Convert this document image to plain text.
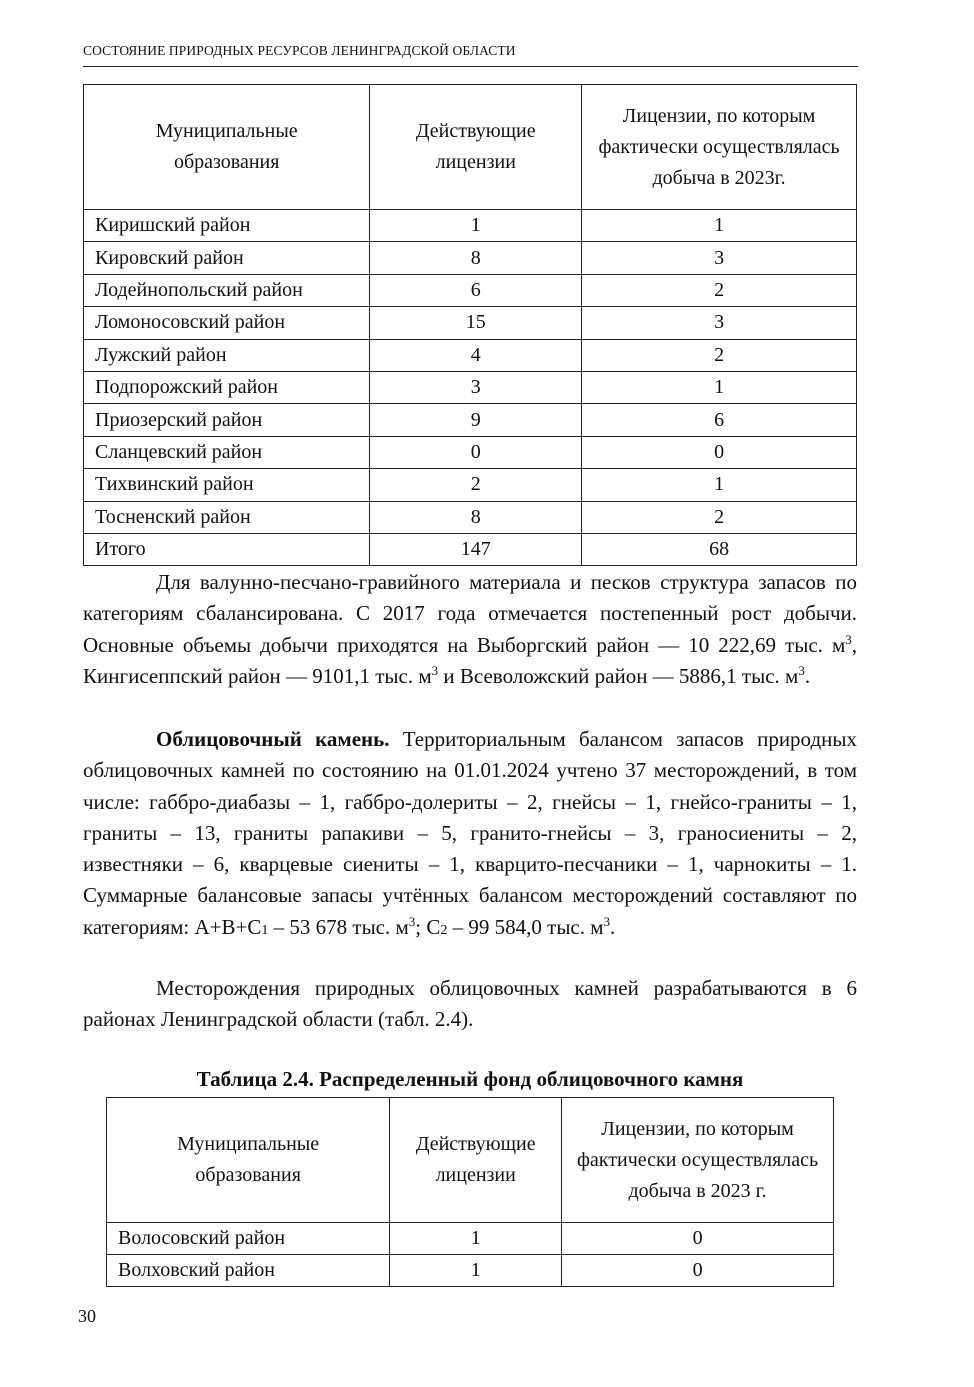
СОСТОЯНИЕ ПРИРОДНЫХ РЕСУРСОВ ЛЕНИНГРАДСКОЙ ОБЛАСТИ
Муниципальные образования	Действующие лицензии	Лицензии, по которым фактически осуществлялась добыча в 2023г.

Киришский район	1	1
Кировский район	8	3
Лодейнопольский район	6	2
Ломоносовский район	15	3
Лужский район	4	2
Подпорожский район	3	1
Приозерский район	9	6
Сланцевский район	0	0
Тихвинский район	2	1
Тосненский район	8	2
Итого	147	68

Для валунно-песчано-гравийного материала и песков структура запасов по категориям сбалансирована. С 2017 года отмечается постепенный рост добычи. Основные объемы добычи приходятся на Выборгский район — 10 222,69 тыс. $м^3$, Кингисеппский район — 9101,1 тыс. $м^3$ и Всеволожский район — 5886,1 тыс. $м^3$.

Облицовочный камень. Территориальным балансом запасов природных облицовочных камней по состоянию на 01.01.2024 учтено 37 месторождений, в том числе: габбро-диабазы – 1, габбро-долериты – 2, гнейсы – 1, гнейсо-граниты – 1, граниты – 13, граниты рапакиви – 5, гранито-гнейсы – 3, граносиениты – 2, известняки – 6, кварцевые сиениты – 1, кварцито-песчаники – 1, чарнокиты – 1. Суммарные балансовые запасы учтённых балансом месторождений составляют по категориям: А+В+С1 – 53 678 тыс. $м^3$; С2 – 99 584,0 тыс. $м^3$.

Месторождения природных облицовочных камней разрабатываются в 6 районах Ленинградской области (табл. 2.4).

Таблица 2.4. Распределенный фонд облицовочного камня
Муниципальные образования	Действующие лицензии	Лицензии, по которым фактически осуществлялась добыча в 2023 г.

Волосовский район	1	0
Волховский район	1	0
30
